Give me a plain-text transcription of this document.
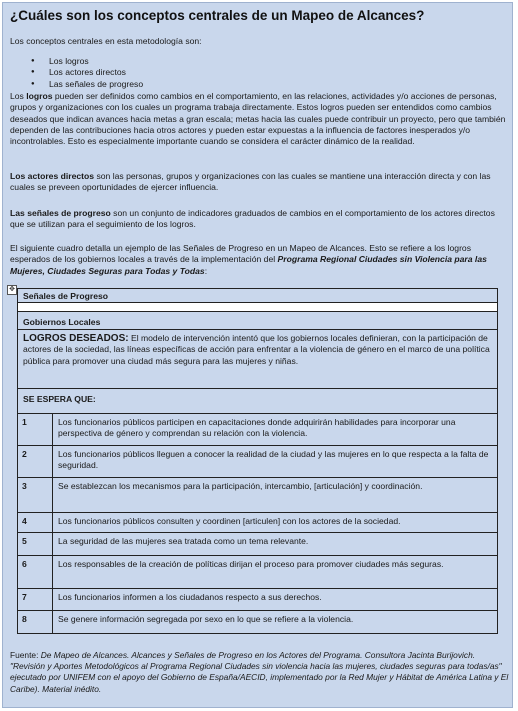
¿Cuáles son los conceptos centrales de un Mapeo de Alcances?

Los conceptos centrales en esta metodología son:

● Los logros
● Los actores directos
● Las señales de progreso

Los logros pueden ser definidos como cambios en el comportamiento, en las relaciones, actividades y/o acciones de personas, grupos y organizaciones con los cuales un programa trabaja directamente. Estos logros pueden ser entendidos como cambios deseados que indican avances hacia metas a gran escala; metas hacia las cuales puede contribuir un proyecto, pero que también dependen de las contribuciones hacia otros actores y pueden estar expuestas a la influencia de factores inesperados y/o incontrolables. Esto es especialmente importante cuando se considera el carácter dinámico de la realidad.

Los actores directos son las personas, grupos y organizaciones con las cuales se mantiene una interacción directa y con las cuales se preveen oportunidades de ejercer influencia.

Las señales de progreso son un conjunto de indicadores graduados de cambios en el comportamiento de los actores directos que se utilizan para el seguimiento de los logros.

El siguiente cuadro detalla un ejemplo de las Señales de Progreso en un Mapeo de Alcances. Esto se refiere a los logros esperados de los gobiernos locales a través de la implementación del Programa Regional Ciudades sin Violencia para las Mujeres, Ciudades Seguras para Todas y Todas:

✥
Señales de Progreso
Gobiernos Locales
LOGROS DESEADOS: El modelo de intervención intentó que los gobiernos locales definieran, con la participación de actores de la sociedad, las líneas específicas de acción para enfrentar a la violencia de género en el marco de una política pública para promover una ciudad más segura para las mujeres y niñas.
SE ESPERA QUE:
1	Los funcionarios públicos participen en capacitaciones donde adquirirán habilidades para incorporar una perspectiva de género y comprendan su relación con la violencia.
2	Los funcionarios públicos lleguen a conocer la realidad de la ciudad y las mujeres en lo que respecta a la falta de seguridad.
3	Se establezcan los mecanismos para la participación, intercambio, [articulación] y coordinación.
4	Los funcionarios públicos consulten y coordinen [articulen] con los actores de la sociedad.
5	La seguridad de las mujeres sea tratada como un tema relevante.
6	Los responsables de la creación de políticas dirijan el proceso para promover ciudades más seguras.
7	Los funcionarios informen a los ciudadanos respecto a sus derechos.
8	Se genere información segregada por sexo en lo que se refiere a la violencia.

Fuente: De Mapeo de Alcances. Alcances y Señales de Progreso en los Actores del Programa. Consultora Jacinta Burijovich. "Revisión y Aportes Metodológicos al Programa Regional Ciudades sin violencia hacia las mujeres, ciudades seguras para todas/as" ejecutado por UNIFEM con el apoyo del Gobierno de España/AECID, implementado por la Red Mujer y Hábitat de América Latina y El Caribe). Material inédito.
